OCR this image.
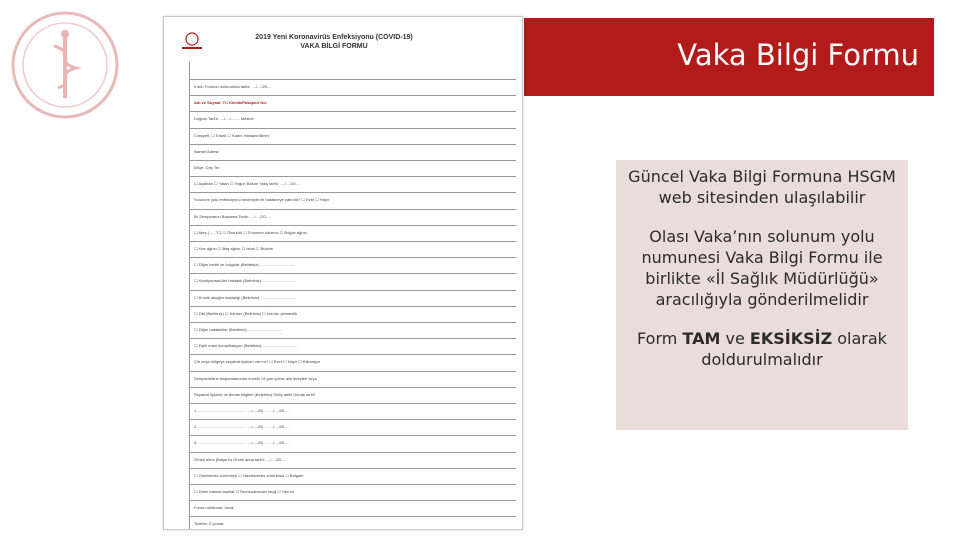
Vaka Bilgi Formu
2019 Yeni Koronavirüs Enfeksiyonu (COVID-19)
VAKA BİLGİ FORMU
İl adı: Formun doldurulma tarihi: ..../..../20....
Adı ve Soyadı: TC Kimlik/Pasaport No:
Doğum Tarihi: ..../..../........ Meslek:
Cinsiyeti: ☐ Erkek ☐ Kadın Hastane/Birim:
İkamet Adresi:
İl/İlçe: Cep Tel:
☐ Ayaktan ☐ Yatan ☐ Yoğun Bakım Yatış tarihi: ..../..../20....
Solunum yolu enfeksiyonu nedeniyle mi hastaneye yatırıldı? ☐ Evet ☐ Hayır
İlk Semptomun Başlama Tarihi: ..../..../20....
☐ Ateş (......°C) ☐ Öksürük ☐ Solunum sıkıntısı ☐ Boğaz ağrısı
☐ Kas ağrısı ☐ Baş ağrısı ☐ İshal ☐ Bulantı
☐ Diğer belirti ve bulgular (Belirtiniz): ..............................
☐ Kardiyovasküler hastalık (Belirtiniz): ..............................
☐ Kronik akciğer hastalığı (Belirtiniz): ..............................
☐ DM (Belirtiniz) ☐ Kanser (Belirtiniz) ☐ İmmün yetmezlik
☐ Diğer hastalıklar (Belirtiniz): ..............................
☐ Eşlik eden komplikasyon (Belirtiniz): ..............................
Çin veya bölgeye seyahat öyküsü var mı? ☐ Evet ☐ Hayır ☐ Bilinmiyor
Semptomların başlamasından önceki 14 gün içinde aile bireyleri veya
Seyahat öyküsü ve temas bilgileri (Belirtiniz) Gidiş tarihi Dönüş tarihi
1- ........................................... ..../..../20.... ..../..../20....
2- ........................................... ..../..../20.... ..../..../20....
3- ........................................... ..../..../20.... ..../..../20....
Örnek alma (Başarılı) Örnek alma tarihi: ..../..../20....
☐ Orofarenks sürüntüsü ☐ Nazofarenks sürüntüsü ☐ Balgam
☐ Derin trakeal aspirat ☐ Bronkoalveolar lavaj ☐ Serum
Formu dolduran: İmza:
Telefon: E-posta:

Güncel Vaka Bilgi Formuna HSGM web sitesinden ulaşılabilir

Olası Vaka’nın solunum yolu numunesi Vaka Bilgi Formu ile birlikte «İl Sağlık Müdürlüğü» aracılığıyla gönderilmelidir

Form TAM ve EKSİKSİZ olarak doldurulmalıdır
